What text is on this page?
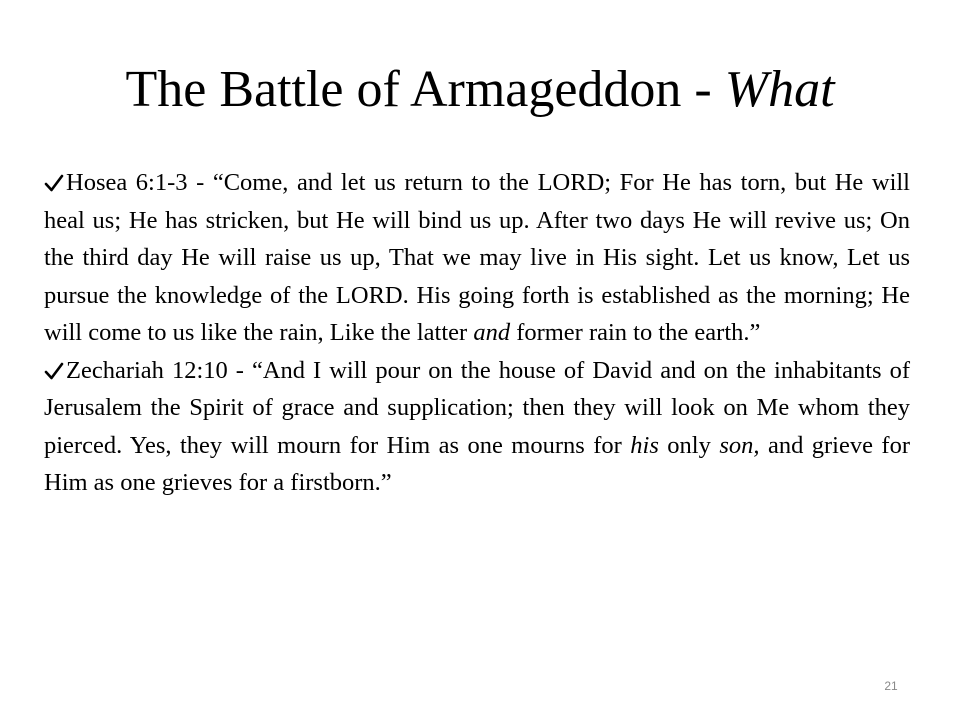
The Battle of Armageddon - What

Hosea 6:1-3 - “Come, and let us return to the LORD; For He has torn, but He will heal us; He has stricken, but He will bind us up. After two days He will revive us; On the third day He will raise us up, That we may live in His sight. Let us know, Let us pursue the knowledge of the LORD. His going forth is established as the morning; He will come to us like the rain, Like the latter and former rain to the earth.”

Zechariah 12:10 - “And I will pour on the house of David and on the inhabitants of Jerusalem the Spirit of grace and supplication; then they will look on Me whom they pierced. Yes, they will mourn for Him as one mourns for his only son, and grieve for Him as one grieves for a firstborn.”

21
